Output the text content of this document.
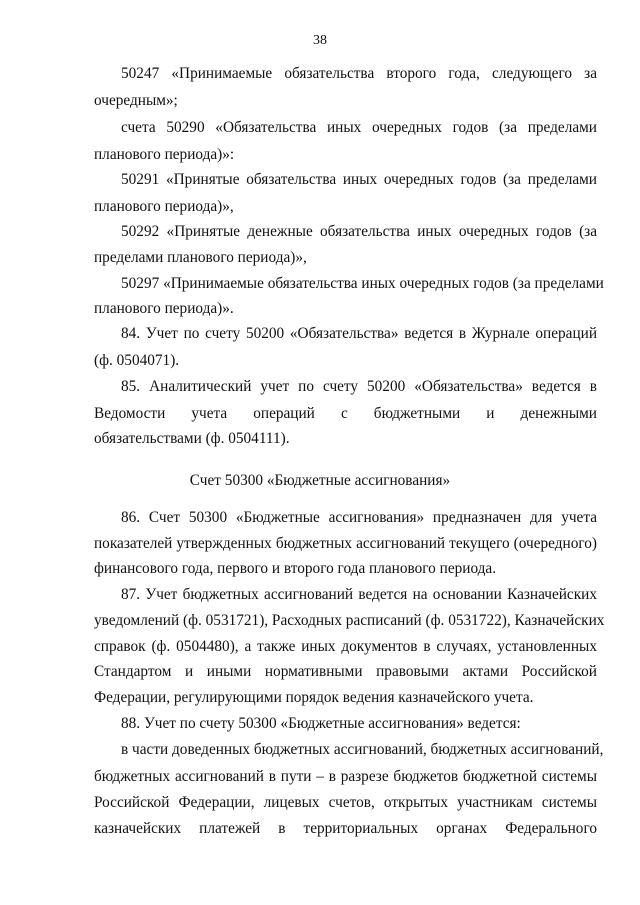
38
50247 «Принимаемые обязательства второго года, следующего за
очередным»;
счета 50290 «Обязательства иных очередных годов (за пределами
планового периода)»:
50291 «Принятые обязательства иных очередных годов (за пределами
планового периода)»,
50292 «Принятые денежные обязательства иных очередных годов (за
пределами планового периода)»,
50297 «Принимаемые обязательства иных очередных годов (за пределами
планового периода)».
84. Учет по счету 50200 «Обязательства» ведется в Журнале операций
(ф. 0504071).
85. Аналитический учет по счету 50200 «Обязательства» ведется в
Ведомости учета операций с бюджетными и денежными
обязательствами (ф. 0504111).
Счет 50300 «Бюджетные ассигнования»
86. Счет 50300 «Бюджетные ассигнования» предназначен для учета
показателей утвержденных бюджетных ассигнований текущего (очередного)
финансового года, первого и второго года планового периода.
87. Учет бюджетных ассигнований ведется на основании Казначейских
уведомлений (ф. 0531721), Расходных расписаний (ф. 0531722), Казначейских
справок (ф. 0504480), а также иных документов в случаях, установленных
Стандартом и иными нормативными правовыми актами Российской
Федерации, регулирующими порядок ведения казначейского учета.
88. Учет по счету 50300 «Бюджетные ассигнования» ведется:
в части доведенных бюджетных ассигнований, бюджетных ассигнований,
бюджетных ассигнований в пути – в разрезе бюджетов бюджетной системы
Российской Федерации, лицевых счетов, открытых участникам системы
казначейских платежей в территориальных органах Федерального
